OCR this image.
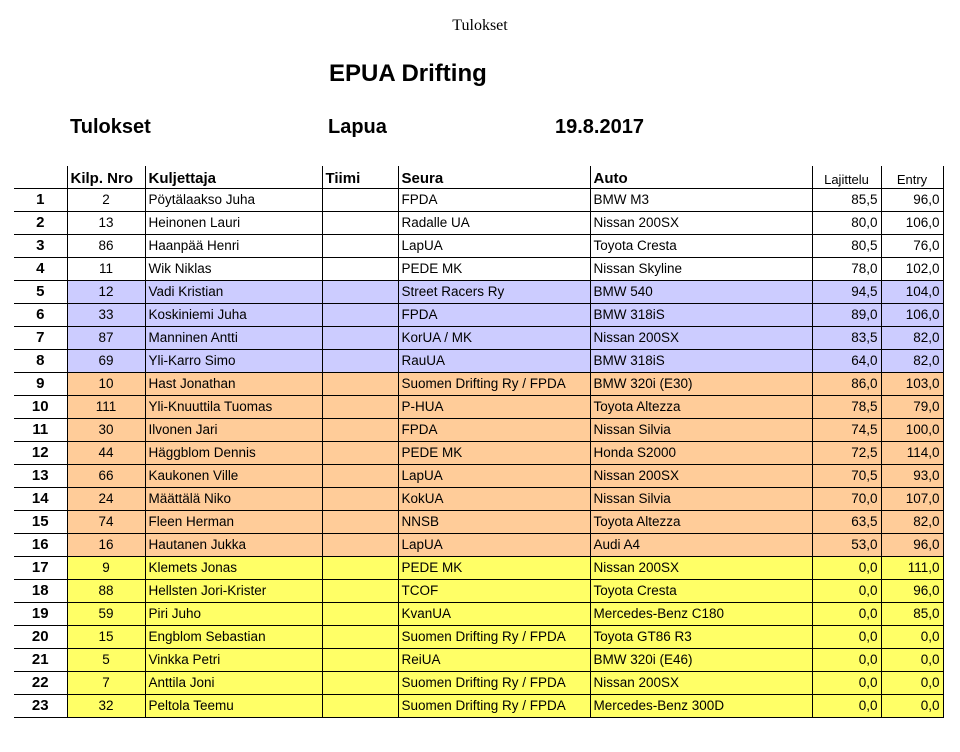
Tulokset
EPUA Drifting
Tulokset	Lapua	19.8.2017
	Kilp. Nro	Kuljettaja	Tiimi	Seura	Auto	Lajittelu	Entry
1	2	Pöytälaakso Juha		FPDA	BMW M3	85,5	96,0
2	13	Heinonen Lauri		Radalle UA	Nissan 200SX	80,0	106,0
3	86	Haanpää Henri		LapUA	Toyota Cresta	80,5	76,0
4	11	Wik Niklas		PEDE MK	Nissan Skyline	78,0	102,0
5	12	Vadi Kristian		Street Racers Ry	BMW 540	94,5	104,0
6	33	Koskiniemi Juha		FPDA	BMW 318iS	89,0	106,0
7	87	Manninen Antti		KorUA / MK	Nissan 200SX	83,5	82,0
8	69	Yli-Karro Simo		RauUA	BMW 318iS	64,0	82,0
9	10	Hast Jonathan		Suomen Drifting Ry / FPDA	BMW 320i (E30)	86,0	103,0
10	111	Yli-Knuuttila Tuomas		P-HUA	Toyota Altezza	78,5	79,0
11	30	Ilvonen Jari		FPDA	Nissan Silvia	74,5	100,0
12	44	Häggblom Dennis		PEDE MK	Honda S2000	72,5	114,0
13	66	Kaukonen Ville		LapUA	Nissan 200SX	70,5	93,0
14	24	Määttälä Niko		KokUA	Nissan Silvia	70,0	107,0
15	74	Fleen Herman		NNSB	Toyota Altezza	63,5	82,0
16	16	Hautanen Jukka		LapUA	Audi A4	53,0	96,0
17	9	Klemets Jonas		PEDE MK	Nissan 200SX	0,0	111,0
18	88	Hellsten Jori-Krister		TCOF	Toyota Cresta	0,0	96,0
19	59	Piri Juho		KvanUA	Mercedes-Benz C180	0,0	85,0
20	15	Engblom Sebastian		Suomen Drifting Ry / FPDA	Toyota GT86 R3	0,0	0,0
21	5	Vinkka Petri		ReiUA	BMW 320i (E46)	0,0	0,0
22	7	Anttila Joni		Suomen Drifting Ry / FPDA	Nissan 200SX	0,0	0,0
23	32	Peltola Teemu		Suomen Drifting Ry / FPDA	Mercedes-Benz 300D	0,0	0,0
